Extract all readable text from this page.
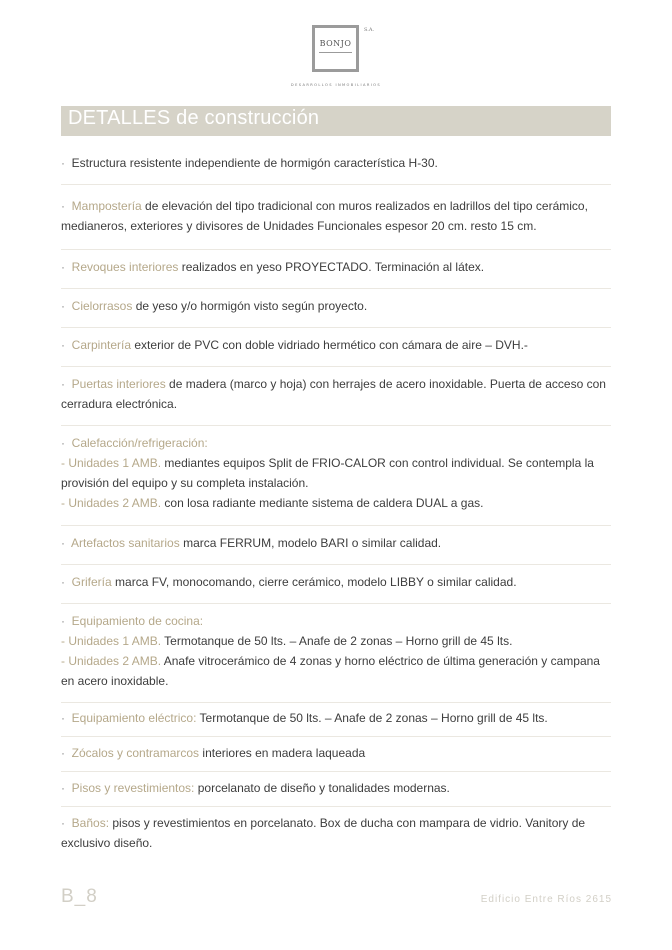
BONJO
S.A.
DESARROLLOS INMOBILIARIOS
DETALLES de construcción

· Estructura resistente independiente de hormigón característica H-30.

· Mampostería de elevación del tipo tradicional con muros realizados en ladrillos del tipo cerámico, medianeros, exteriores y divisores de Unidades Funcionales espesor 20 cm. resto 15 cm.

· Revoques interiores realizados en yeso PROYECTADO. Terminación al látex.

· Cielorrasos de yeso y/o hormigón visto según proyecto.

· Carpintería exterior de PVC con doble vidriado hermético con cámara de aire – DVH.-

· Puertas interiores de madera (marco y hoja) con herrajes de acero inoxidable. Puerta de acceso con cerradura electrónica.

· Calefacción/refrigeración:

- Unidades 1 AMB. mediantes equipos Split de FRIO-CALOR con control individual. Se contempla la provisión del equipo y su completa instalación.

- Unidades 2 AMB. con losa radiante mediante sistema de caldera DUAL a gas.

· Artefactos sanitarios marca FERRUM, modelo BARI o similar calidad.

· Grifería marca FV, monocomando, cierre cerámico, modelo LIBBY o similar calidad.

· Equipamiento de cocina:

- Unidades 1 AMB. Termotanque de 50 lts. – Anafe de 2 zonas – Horno grill de 45 lts.

- Unidades 2 AMB. Anafe vitrocerámico de 4 zonas y horno eléctrico de última generación y campana en acero inoxidable.

· Equipamiento eléctrico: Termotanque de 50 lts. – Anafe de 2 zonas – Horno grill de 45 lts.

· Zócalos y contramarcos interiores en madera laqueada

· Pisos y revestimientos: porcelanato de diseño y tonalidades modernas.

· Baños: pisos y revestimientos en porcelanato. Box de ducha con mampara de vidrio. Vanitory de exclusivo diseño.

B_8	Edificio Entre Ríos 2615
